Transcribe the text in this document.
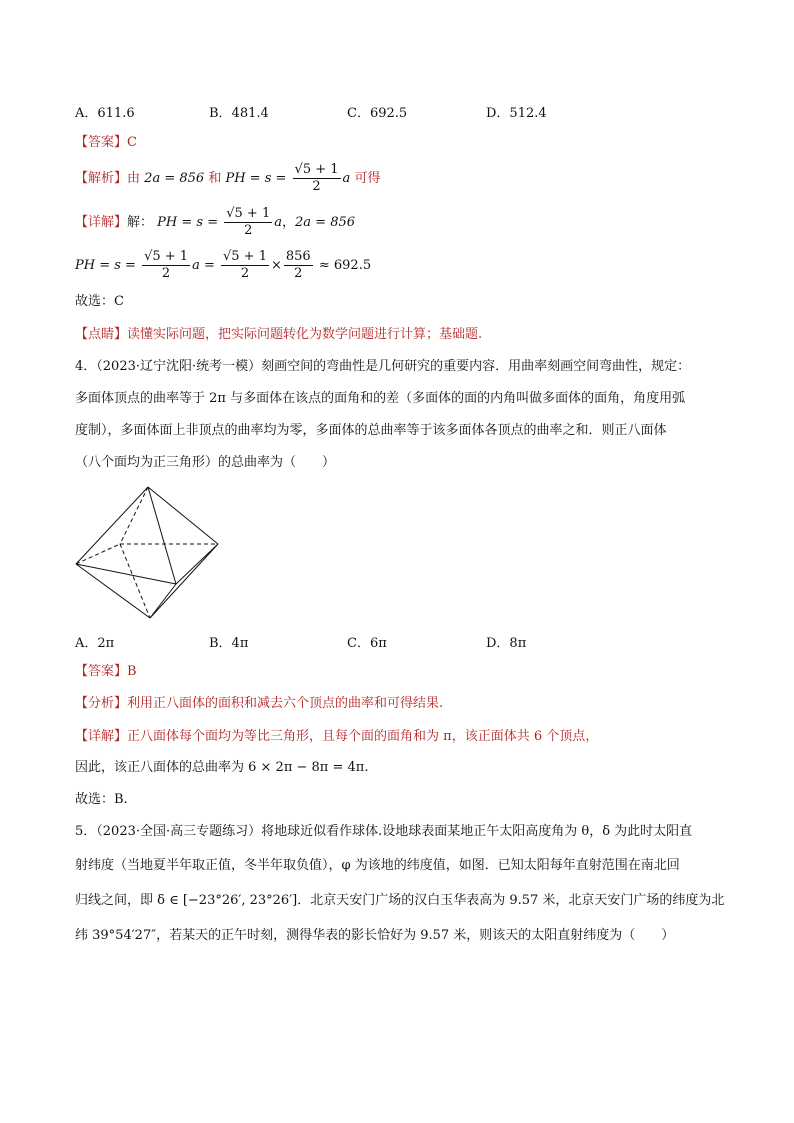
A．611.6	B．481.4	C．692.5	D．512.4
【答案】C
【解析】由 2a = 856 和 PH = $s = \frac{√5 + 1}{2}$ a 可得
【详解】解： PH = $s = \frac{√5 + 1}{2}$ a，2a = 856
PH = $s = \frac{√5 + 1}{2}$ $a = \frac{√5 + 1}{2} \times \frac{856}{2} \approx 692.5$
故选：C
【点睛】读懂实际问题，把实际问题转化为数学问题进行计算；基础题.
4．（2023·辽宁沈阳·统考一模）刻画空间的弯曲性是几何研究的重要内容．用曲率刻画空间弯曲性，规定：
多面体顶点的曲率等于 2π 与多面体在该点的面角和的差（多面体的面的内角叫做多面体的面角，角度用弧
度制），多面体面上非顶点的曲率均为零，多面体的总曲率等于该多面体各顶点的曲率之和．则正八面体
（八个面均为正三角形）的总曲率为（　　）
A．2π	B．4π	C．6π	D．8π
【答案】B
【分析】利用正八面体的面积和减去六个顶点的曲率和可得结果.
【详解】正八面体每个面均为等比三角形，且每个面的面角和为 π，该正面体共 6 个顶点，
因此，该正八面体的总曲率为 6 × 2π − 8π = 4π.
故选：B.
5．（2023·全国·高三专题练习）将地球近似看作球体.设地球表面某地正午太阳高度角为 θ，δ 为此时太阳直
射纬度（当地夏半年取正值，冬半年取负值），φ 为该地的纬度值，如图．已知太阳每年直射范围在南北回
归线之间，即 δ ∈ [−23°26′, 23°26′]．北京天安门广场的汉白玉华表高为 9.57 米，北京天安门广场的纬度为北
纬 39°54′27″，若某天的正午时刻，测得华表的影长恰好为 9.57 米，则该天的太阳直射纬度为（　　）
